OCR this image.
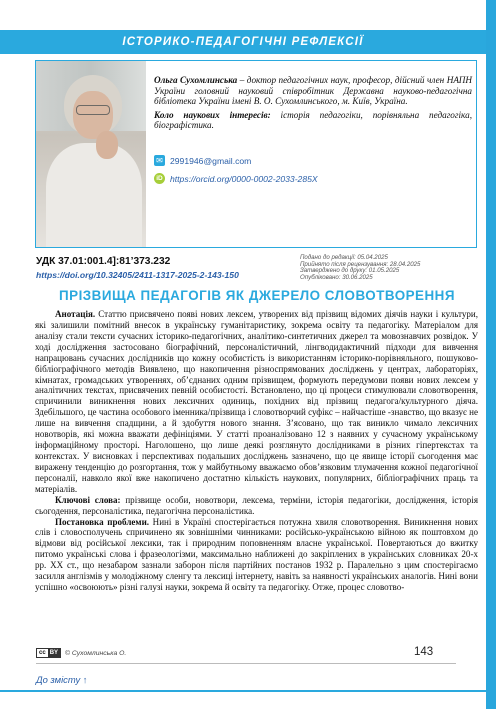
ІСТОРИКО-ПЕДАГОГІЧНІ РЕФЛЕКСІЇ
Ольга Сухомлинська – доктор педагогічних наук, професор, дійсний член НАПН України головний науковий співробітник Державна науково-педагогічна бібліотека України імені В. О. Сухомлинського, м. Київ, Україна.
Коло наукових інтересів: історія педагогіки, порівняльна педагогіка, біографістика.
✉ 2991946@gmail.com
iD https://orcid.org/0000-0002-2033-285X
УДК 37.01:001.4]:81’373.232
https://doi.org/10.32405/2411-1317-2025-2-143-150
Подано до редакції: 05.04.2025
Прийнято після рецензування: 28.04.2025
Затверджено до друку: 01.05.2025
Опубліковано: 30.06.2025
ПРІЗВИЩА ПЕДАГОГІВ ЯК ДЖЕРЕЛО СЛОВОТВОРЕННЯ

Анотація. Статтю присвячено появі нових лексем, утворених від прізвищ відомих діячів науки і культури, які залишили помітний внесок в українську гуманітаристику, зокрема освіту та педагогіку. Матеріалом для аналізу стали тексти сучасних історико-педагогічних, аналітико-синтетичних джерел та мовознавчих розвідок. У ході дослідження застосовано біографічний, персоналістичний, лінгводидактичний підходи для вивчення напрацювань сучасних дослідників що кожну особистість із використанням історико-порівняльного, пошуково-бібліографічного методів Виявлено, що накопичення різноспрямованих досліджень у центрах, лабораторіях, кімнатах, громадських утвореннях, об’єднаних одним прізвищем, формують передумови появи нових лексем у аналітичних текстах, присвячених певній особистості. Встановлено, що ці процеси стимулювали словотворення, спричинили виникнення нових лексичних одиниць, похідних від прізвищ педагога/культурного діяча. Здебільшого, це частина особового іменника/прізвища і словотворчий суфікс – найчастіше -знавство, що вказує не лише на вивчення спадщини, а й здобуття нового знання. З’ясовано, що так виникло чимало лексичних новотворів, які можна вважати дефініціями. У статті проаналізовано 12 з наявних у сучасному українському інформаційному просторі. Наголошено, що лише деякі розглянуто дослідниками в різних гіпертекстах та контекстах. У висновках і перспективах подальших досліджень зазначено, що це явище історії сьогодення має виражену тенденцію до розгортання, тож у майбутньому вважаємо обов’язковим тлумачення кожної педагогічної персоналії, навколо якої вже накопичено достатню кількість наукових, популярних, бібліографічних праць та матеріалів.

Ключові слова: прізвище особи, новотвори, лексема, терміни, історія педагогіки, дослідження, історія сьогодення, персоналістика, педагогічна персоналістика.

Постановка проблеми. Нині в Україні спостерігається потужна хвиля словотворення. Виникнення нових слів і словосполучень спричинено як зовнішніми чинниками: російсько-українською війною як поштовхом до відмови від російської лексики, так і природним поповненням власне української. Повертаються до вжитку питомо українські слова і фразеологізми, максимально наближені до закріплених в українських словниках 20-х рр. ХХ ст., що незабаром зазнали заборон після партійних постанов 1932 р. Паралельно з цим спостерігаємо засилля англізмів у молодіжному сленгу та лексиці інтернету, навіть за наявності українських аналогів. Нині вони успішно «освоюють» різні галузі науки, зокрема й освіту та педагогіку. Отже, процес словотво-

cc BY © Сухомлинська О.	143
До змісту ↑
